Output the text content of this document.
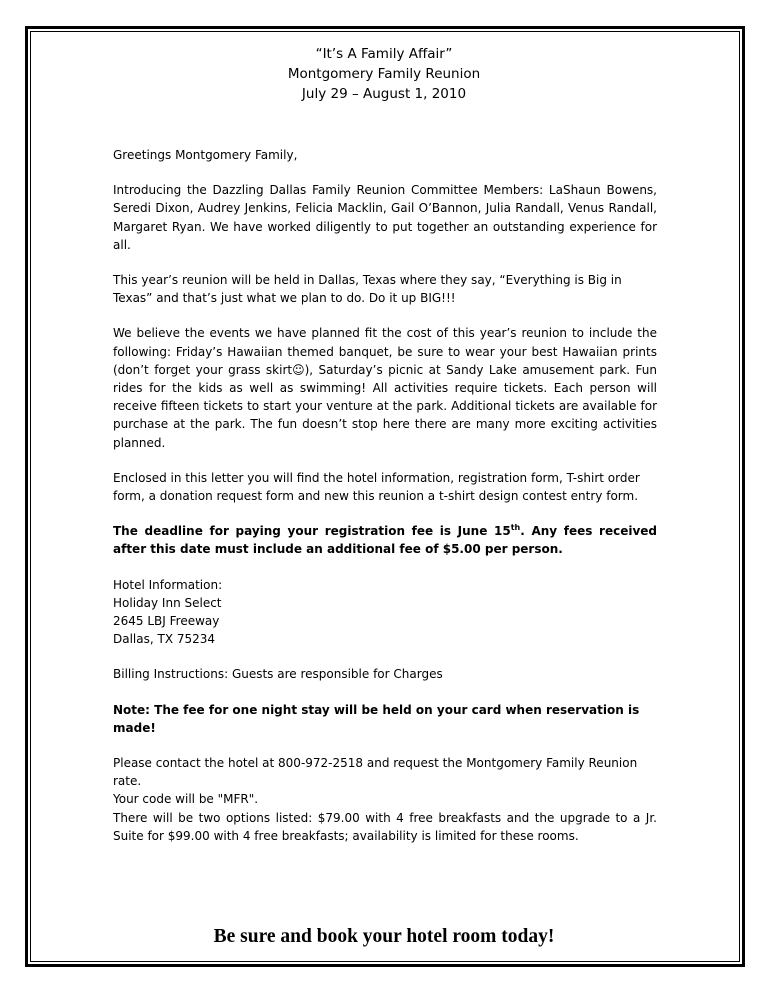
“It’s A Family Affair”
Montgomery Family Reunion
July 29 – August 1, 2010

Greetings Montgomery Family,

Introducing the Dazzling Dallas Family Reunion Committee Members: LaShaun Bowens, Seredi Dixon, Audrey Jenkins, Felicia Macklin, Gail O’Bannon, Julia Randall, Venus Randall, Margaret Ryan. We have worked diligently to put together an outstanding experience for all.

This year’s reunion will be held in Dallas, Texas where they say, “Everything is Big in Texas” and that’s just what we plan to do. Do it up BIG!!!

We believe the events we have planned fit the cost of this year’s reunion to include the following: Friday’s Hawaiian themed banquet, be sure to wear your best Hawaiian prints (don’t forget your grass skirt☺), Saturday’s picnic at Sandy Lake amusement park. Fun rides for the kids as well as swimming! All activities require tickets. Each person will receive fifteen tickets to start your venture at the park. Additional tickets are available for purchase at the park. The fun doesn’t stop here there are many more exciting activities planned.

Enclosed in this letter you will find the hotel information, registration form, T-shirt order form, a donation request form and new this reunion a t-shirt design contest entry form.

The deadline for paying your registration fee is June 15th. Any fees received after this date must include an additional fee of $5.00 per person.

Hotel Information:
Holiday Inn Select
2645 LBJ Freeway
Dallas, TX 75234

Billing Instructions: Guests are responsible for Charges

Note: The fee for one night stay will be held on your card when reservation is made!

Please contact the hotel at 800-972-2518 and request the Montgomery Family Reunion rate.
Your code will be "MFR".
There will be two options listed: $79.00 with 4 free breakfasts and the upgrade to a Jr. Suite for $99.00 with 4 free breakfasts; availability is limited for these rooms.

Be sure and book your hotel room today!
